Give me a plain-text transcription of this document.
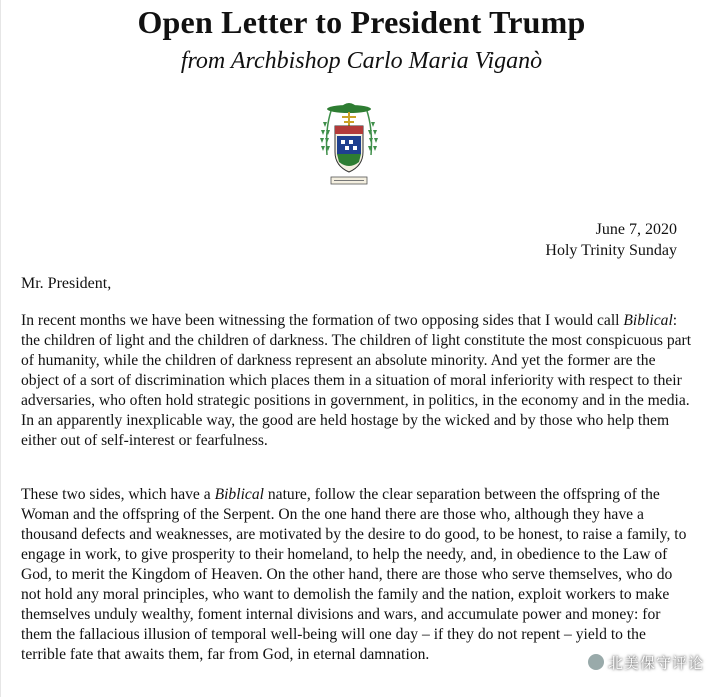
Open Letter to President Trump
from Archbishop Carlo Maria Viganò
June 7, 2020
Holy Trinity Sunday

Mr. President,

In recent months we have been witnessing the formation of two opposing sides that I would call Biblical: the children of light and the children of darkness. The children of light constitute the most conspicuous part of humanity, while the children of darkness represent an absolute minority. And yet the former are the object of a sort of discrimination which places them in a situation of moral inferiority with respect to their adversaries, who often hold strategic positions in government, in politics, in the economy and in the media. In an apparently inexplicable way, the good are held hostage by the wicked and by those who help them either out of self-interest or fearfulness.

These two sides, which have a Biblical nature, follow the clear separation between the offspring of the Woman and the offspring of the Serpent. On the one hand there are those who, although they have a thousand defects and weaknesses, are motivated by the desire to do good, to be honest, to raise a family, to engage in work, to give prosperity to their homeland, to help the needy, and, in obedience to the Law of God, to merit the Kingdom of Heaven. On the other hand, there are those who serve themselves, who do not hold any moral principles, who want to demolish the family and the nation, exploit workers to make themselves unduly wealthy, foment internal divisions and wars, and accumulate power and money: for them the fallacious illusion of temporal well-being will one day – if they do not repent – yield to the terrible fate that awaits them, far from God, in eternal damnation.	北美保守评论
